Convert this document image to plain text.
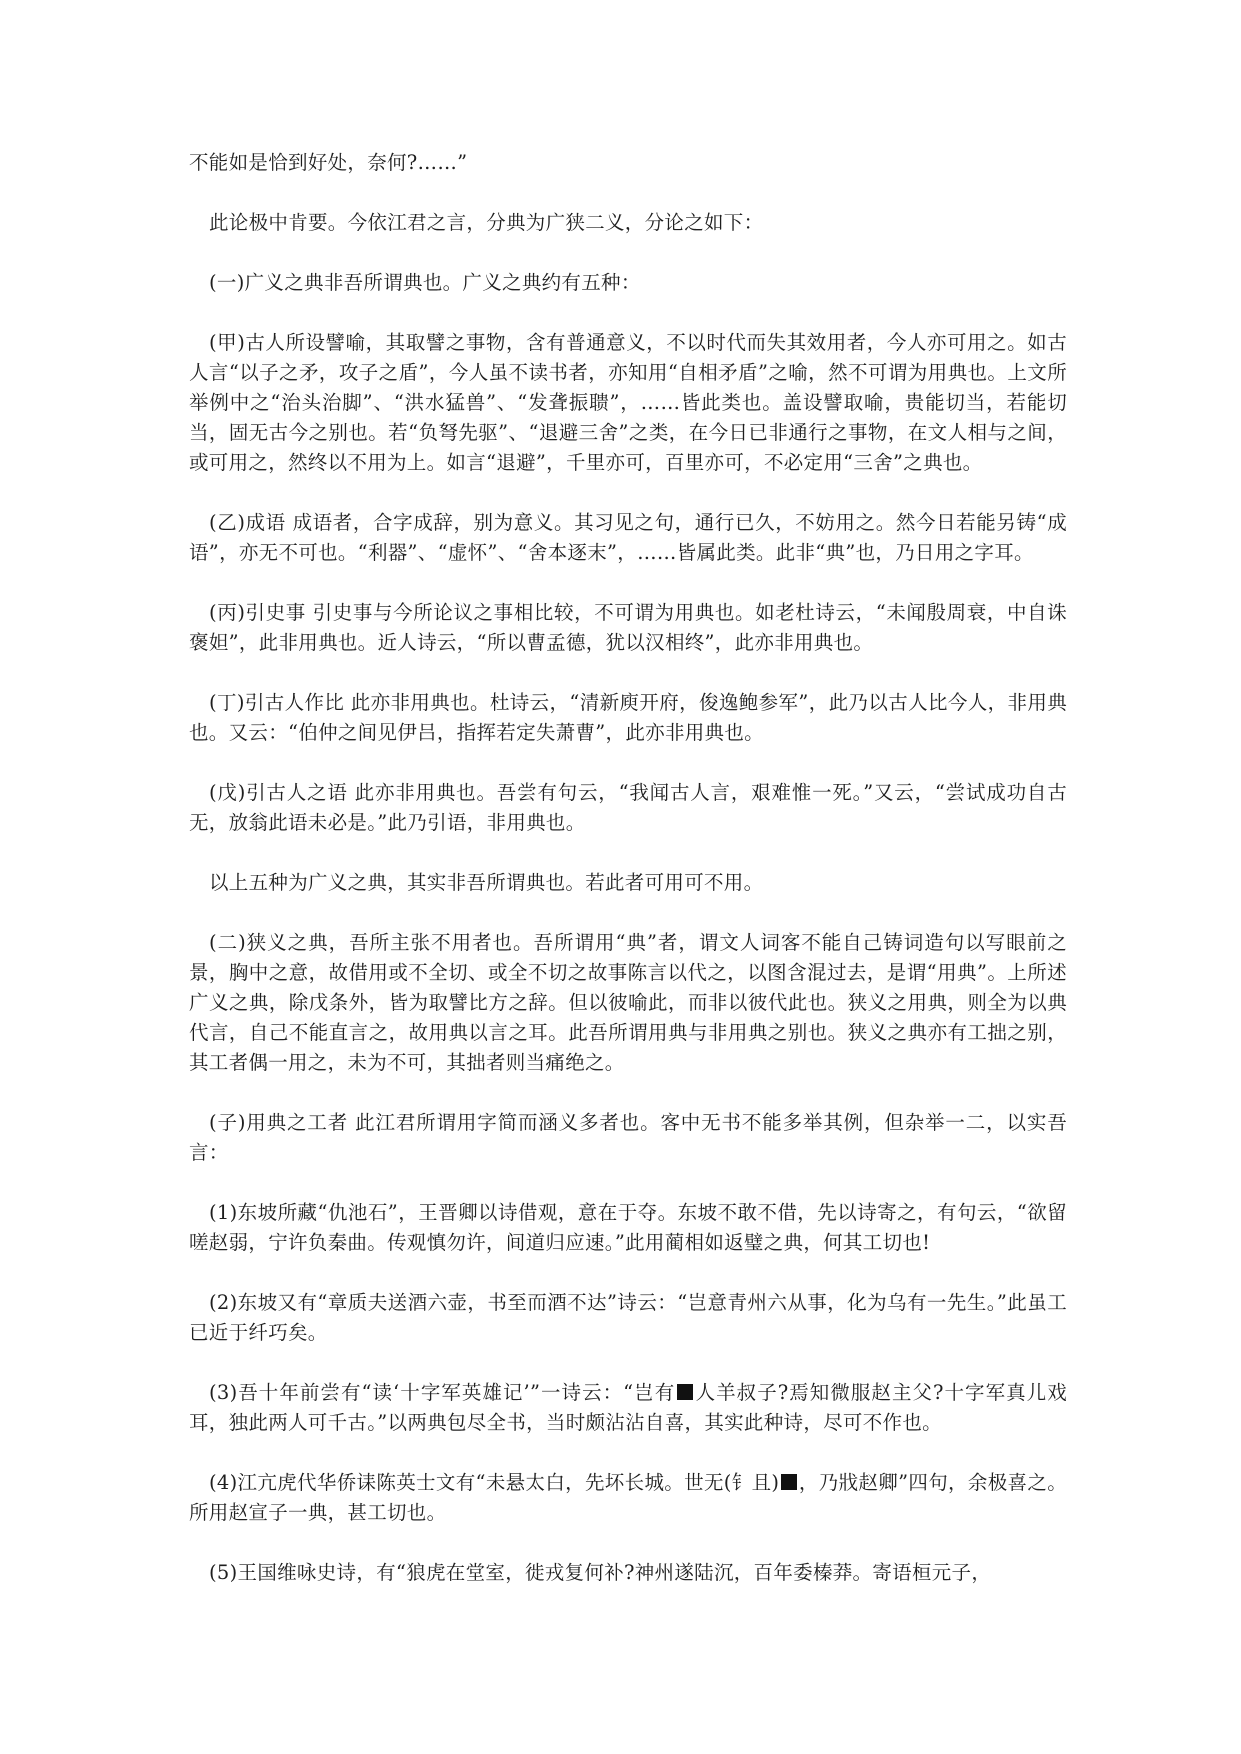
不能如是恰到好处，奈何?……”

此论极中肯要。今依江君之言，分典为广狭二义，分论之如下：

(一)广义之典非吾所谓典也。广义之典约有五种：

(甲)古人所设譬喻，其取譬之事物，含有普通意义，不以时代而失其效用者，今人亦可用之。如古人言“以子之矛，攻子之盾”，今人虽不读书者，亦知用“自相矛盾”之喻，然不可谓为用典也。上文所举例中之“治头治脚”、“洪水猛兽”、“发聋振聩”，……皆此类也。盖设譬取喻，贵能切当，若能切当，固无古今之别也。若“负弩先驱”、“退避三舍”之类，在今日已非通行之事物，在文人相与之间，或可用之，然终以不用为上。如言“退避”，千里亦可，百里亦可，不必定用“三舍”之典也。

(乙)成语 成语者，合字成辞，别为意义。其习见之句，通行已久，不妨用之。然今日若能另铸“成语”，亦无不可也。“利器”、“虚怀”、“舍本逐末”，……皆属此类。此非“典”也，乃日用之字耳。

(丙)引史事 引史事与今所论议之事相比较，不可谓为用典也。如老杜诗云，“未闻殷周衰，中自诛褒妲”，此非用典也。近人诗云，“所以曹孟德，犹以汉相终”，此亦非用典也。

(丁)引古人作比 此亦非用典也。杜诗云，“清新庾开府，俊逸鲍参军”，此乃以古人比今人，非用典也。又云：“伯仲之间见伊吕，指挥若定失萧曹”，此亦非用典也。

(戊)引古人之语 此亦非用典也。吾尝有句云，“我闻古人言，艰难惟一死。”又云，“尝试成功自古无，放翁此语未必是。”此乃引语，非用典也。

以上五种为广义之典，其实非吾所谓典也。若此者可用可不用。

(二)狭义之典，吾所主张不用者也。吾所谓用“典”者，谓文人词客不能自己铸词造句以写眼前之景，胸中之意，故借用或不全切、或全不切之故事陈言以代之，以图含混过去，是谓“用典”。上所述广义之典，除戊条外，皆为取譬比方之辞。但以彼喻此，而非以彼代此也。狭义之用典，则全为以典代言，自己不能直言之，故用典以言之耳。此吾所谓用典与非用典之别也。狭义之典亦有工拙之别，其工者偶一用之，未为不可，其拙者则当痛绝之。

(子)用典之工者 此江君所谓用字简而涵义多者也。客中无书不能多举其例，但杂举一二，以实吾言：

(1)东坡所藏“仇池石”，王晋卿以诗借观，意在于夺。东坡不敢不借，先以诗寄之，有句云，“欲留嗟赵弱，宁许负秦曲。传观慎勿许，间道归应速。”此用蔺相如返璧之典，何其工切也!

(2)东坡又有“章质夫送酒六壶，书至而酒不达”诗云：“岂意青州六从事，化为乌有一先生。”此虽工已近于纤巧矣。

(3)吾十年前尝有“读‘十字军英雄记’”一诗云：“岂有 人羊叔子?焉知微服赵主父?十字军真儿戏耳，独此两人可千古。”以两典包尽全书，当时颇沾沾自喜，其实此种诗，尽可不作也。

(4)江亢虎代华侨诔陈英士文有“未悬太白，先坏长城。世无(钅且) ，乃戕赵卿”四句，余极喜之。所用赵宣子一典，甚工切也。

(5)王国维咏史诗，有“狼虎在堂室，徙戎复何补?神州遂陆沉，百年委榛莽。寄语桓元子，
